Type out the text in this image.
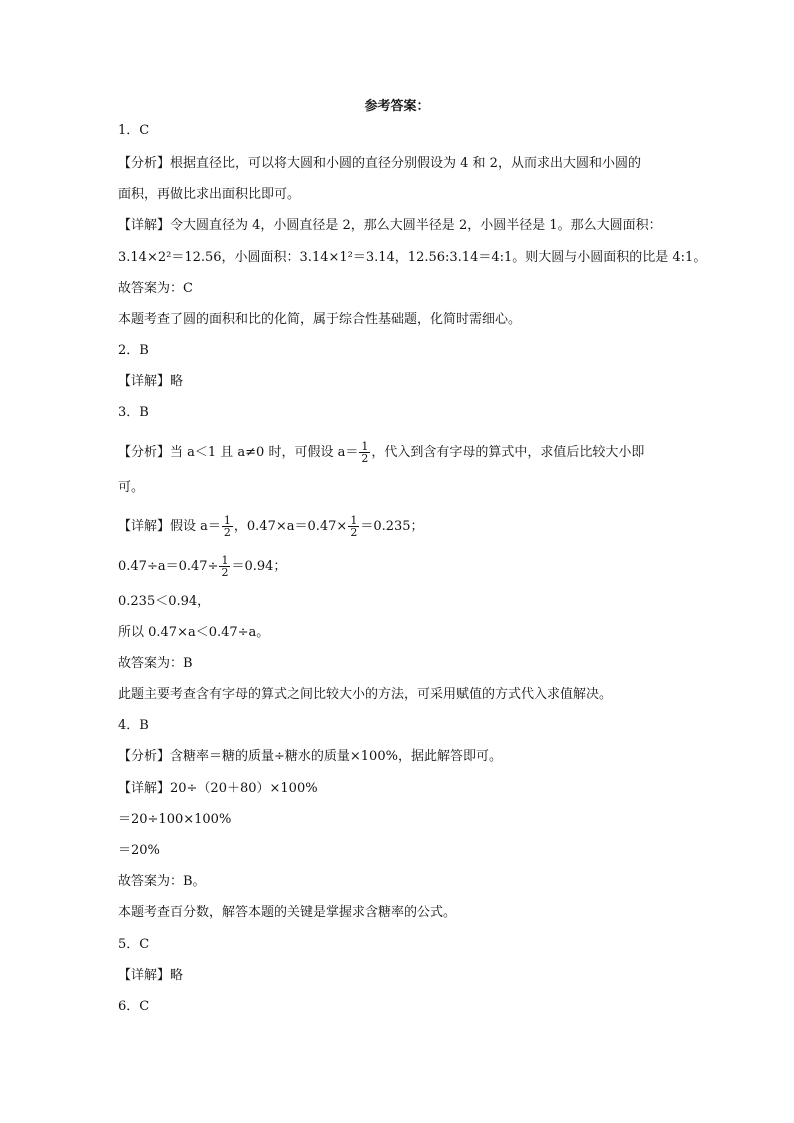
参考答案：
1．C
【分析】根据直径比，可以将大圆和小圆的直径分别假设为 4 和 2，从而求出大圆和小圆的
面积，再做比求出面积比即可。
【详解】令大圆直径为 4，小圆直径是 2，那么大圆半径是 2，小圆半径是 1。那么大圆面积：
3.14×2²＝12.56，小圆面积：3.14×1²＝3.14，12.56:3.14＝4:1。则大圆与小圆面积的比是 4:1。
故答案为：C
本题考查了圆的面积和比的化简，属于综合性基础题，化简时需细心。
2．B
【详解】略
3．B
【分析】当 a＜1 且 a≠0 时，可假设 $a= \frac{1}{2}$ ，代入到含有字母的算式中，求值后比较大小即
可。
【详解】假设 $a= \frac{1}{2}$ ，$0.47\times a=0.47\times \frac{1}{2} =0.235$；
$0.47\div a=0.47\div \frac{1}{2} =0.94$；
0.235＜0.94，
所以 0.47×a＜0.47÷a。
故答案为：B
此题主要考查含有字母的算式之间比较大小的方法，可采用赋值的方式代入求值解决。
4．B
【分析】含糖率＝糖的质量÷糖水的质量×100%，据此解答即可。
【详解】20÷（20＋80）×100%
＝20÷100×100%
＝20%
故答案为：B。
本题考查百分数，解答本题的关键是掌握求含糖率的公式。
5．C
【详解】略
6．C
